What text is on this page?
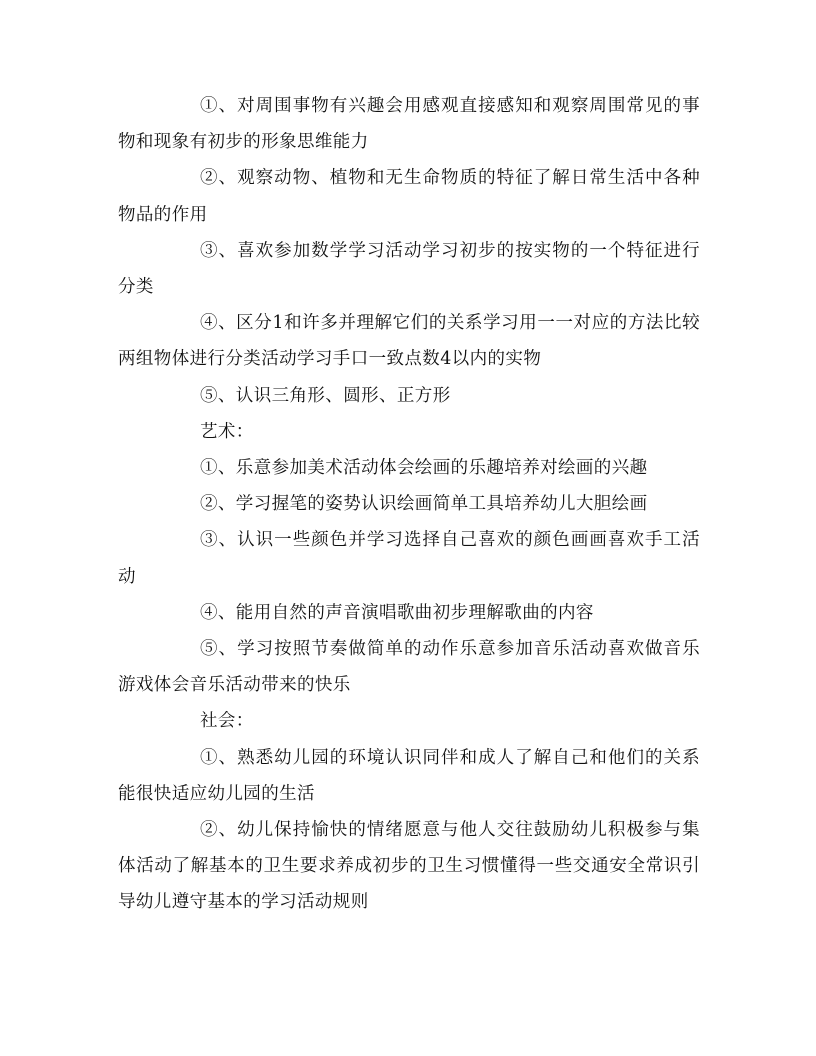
①、对周围事物有兴趣会用感观直接感知和观察周围常见的事物和现象有初步的形象思维能力

②、观察动物、植物和无生命物质的特征了解日常生活中各种物品的作用

③、喜欢参加数学学习活动学习初步的按实物的一个特征进行分类

④、区分1和许多并理解它们的关系学习用一一对应的方法比较两组物体进行分类活动学习手口一致点数4以内的实物

⑤、认识三角形、圆形、正方形

艺术：

①、乐意参加美术活动体会绘画的乐趣培养对绘画的兴趣

②、学习握笔的姿势认识绘画简单工具培养幼儿大胆绘画

③、认识一些颜色并学习选择自己喜欢的颜色画画喜欢手工活动

④、能用自然的声音演唱歌曲初步理解歌曲的内容

⑤、学习按照节奏做简单的动作乐意参加音乐活动喜欢做音乐游戏体会音乐活动带来的快乐

社会：

①、熟悉幼儿园的环境认识同伴和成人了解自己和他们的关系能很快适应幼儿园的生活

②、幼儿保持愉快的情绪愿意与他人交往鼓励幼儿积极参与集体活动了解基本的卫生要求养成初步的卫生习惯懂得一些交通安全常识引导幼儿遵守基本的学习活动规则
